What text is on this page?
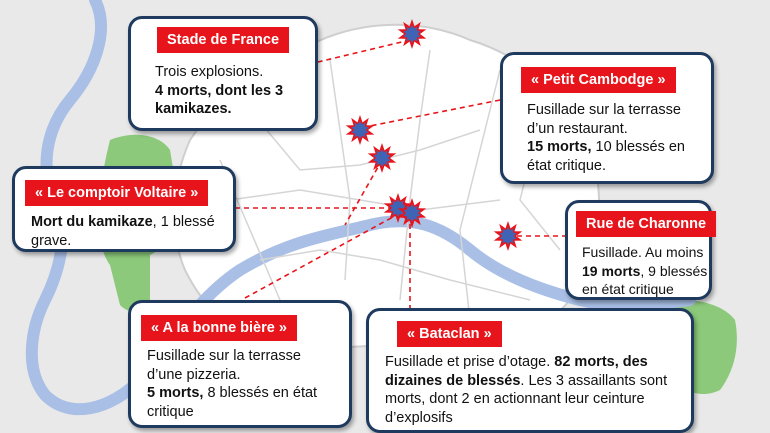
Stade de France
Trois explosions.
4 morts, dont les 3
kamikazes.
« Petit Cambodge »
Fusillade sur la terrasse
d’un restaurant.
15 morts, 10 blessés en
état critique.
« Le comptoir Voltaire »
Mort du kamikaze, 1 blessé
grave.
Rue de Charonne
Fusillade. Au moins
19 morts, 9 blessés
en état critique
« A la bonne bière »
Fusillade sur la terrasse
d’une pizzeria.
5 morts, 8 blessés en état
critique
« Bataclan »
Fusillade et prise d’otage. 82 morts, des
dizaines de blessés. Les 3 assaillants sont
morts, dont 2 en actionnant leur ceinture
d’explosifs
